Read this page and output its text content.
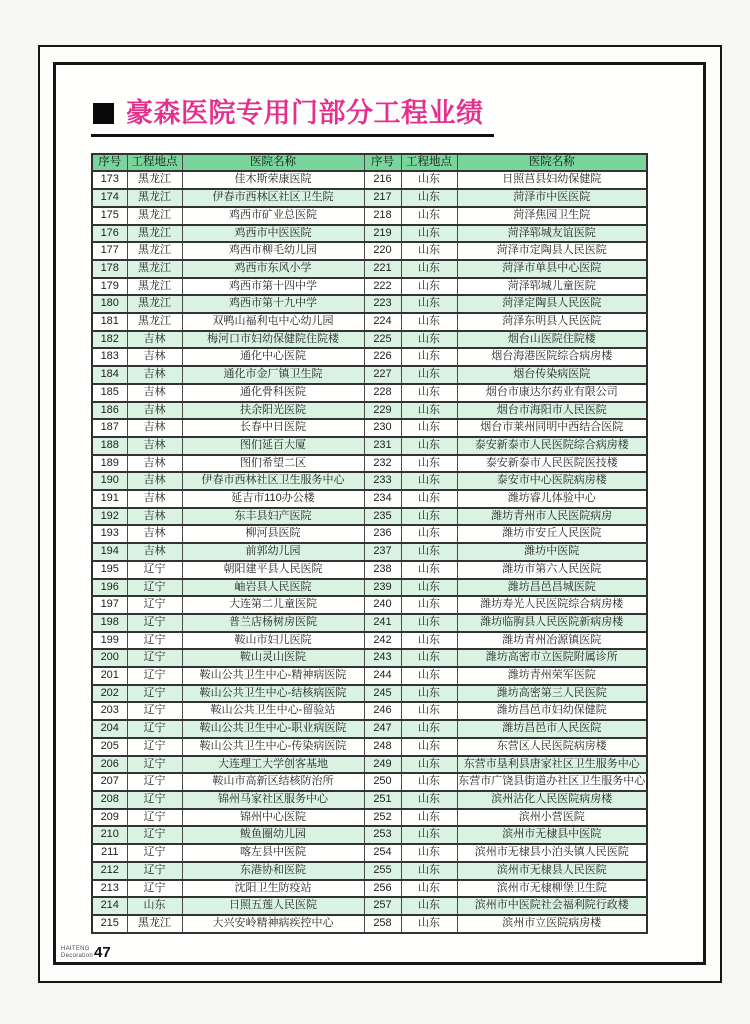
豪森医院专用门部分工程业绩
序号	工程地点	医院名称	序号	工程地点	医院名称
173	黑龙江	佳木斯荣康医院	216	山东	日照莒县妇幼保健院
174	黑龙江	伊春市西林区社区卫生院	217	山东	菏泽市中医医院
175	黑龙江	鸡西市矿业总医院	218	山东	菏泽焦园卫生院
176	黑龙江	鸡西市中医医院	219	山东	菏泽郓城友谊医院
177	黑龙江	鸡西市柳毛幼儿园	220	山东	菏泽市定陶县人民医院
178	黑龙江	鸡西市东风小学	221	山东	菏泽市单县中心医院
179	黑龙江	鸡西市第十四中学	222	山东	菏泽郓城儿童医院
180	黑龙江	鸡西市第十九中学	223	山东	菏泽定陶县人民医院
181	黑龙江	双鸭山福利屯中心幼儿园	224	山东	菏泽东明县人民医院
182	吉林	梅河口市妇幼保健院住院楼	225	山东	烟台山医院住院楼
183	吉林	通化中心医院	226	山东	烟台海港医院综合病房楼
184	吉林	通化市金厂镇卫生院	227	山东	烟台传染病医院
185	吉林	通化骨科医院	228	山东	烟台市康达尔药业有限公司
186	吉林	扶余阳光医院	229	山东	烟台市海阳市人民医院
187	吉林	长春中日医院	230	山东	烟台市莱州同明中西结合医院
188	吉林	图们延百大厦	231	山东	泰安新泰市人民医院综合病房楼
189	吉林	图们希望二区	232	山东	泰安新泰市人民医院医技楼
190	吉林	伊春市西林社区卫生服务中心	233	山东	泰安市中心医院病房楼
191	吉林	延吉市110办公楼	234	山东	潍坊睿儿体验中心
192	吉林	东丰县妇产医院	235	山东	潍坊青州市人民医院病房
193	吉林	柳河县医院	236	山东	潍坊市安丘人民医院
194	吉林	前郭幼儿园	237	山东	潍坊中医院
195	辽宁	朝阳建平县人民医院	238	山东	潍坊市第六人民医院
196	辽宁	岫岩县人民医院	239	山东	潍坊昌邑昌城医院
197	辽宁	大连第二儿童医院	240	山东	潍坊寿光人民医院综合病房楼
198	辽宁	普兰店杨树房医院	241	山东	潍坊临朐县人民医院新病房楼
199	辽宁	鞍山市妇儿医院	242	山东	潍坊青州冶源镇医院
200	辽宁	鞍山灵山医院	243	山东	潍坊高密市立医院附属诊所
201	辽宁	鞍山公共卫生中心-精神病医院	244	山东	潍坊青州荣军医院
202	辽宁	鞍山公共卫生中心-结核病医院	245	山东	潍坊高密第三人民医院
203	辽宁	鞍山公共卫生中心-留验站	246	山东	潍坊昌邑市妇幼保健院
204	辽宁	鞍山公共卫生中心-职业病医院	247	山东	潍坊昌邑市人民医院
205	辽宁	鞍山公共卫生中心-传染病医院	248	山东	东营区人民医院病房楼
206	辽宁	大连理工大学创客基地	249	山东	东营市垦利县唐家社区卫生服务中心
207	辽宁	鞍山市高新区结核防治所	250	山东	东营市广饶县街道办社区卫生服务中心
208	辽宁	锦州马家社区服务中心	251	山东	滨州沾化人民医院病房楼
209	辽宁	锦州中心医院	252	山东	滨州小营医院
210	辽宁	鲅鱼圈幼儿园	253	山东	滨州市无棣县中医院
211	辽宁	喀左县中医院	254	山东	滨州市无棣县小泊头镇人民医院
212	辽宁	东港协和医院	255	山东	滨州市无棣县人民医院
213	辽宁	沈阳卫生防疫站	256	山东	滨州市无棣柳堡卫生院
214	山东	日照五莲人民医院	257	山东	滨州市中医院社会福利院行政楼
215	黑龙江	大兴安岭精神病疾控中心	258	山东	滨州市立医院病房楼
HAITENG
Decoration 47
